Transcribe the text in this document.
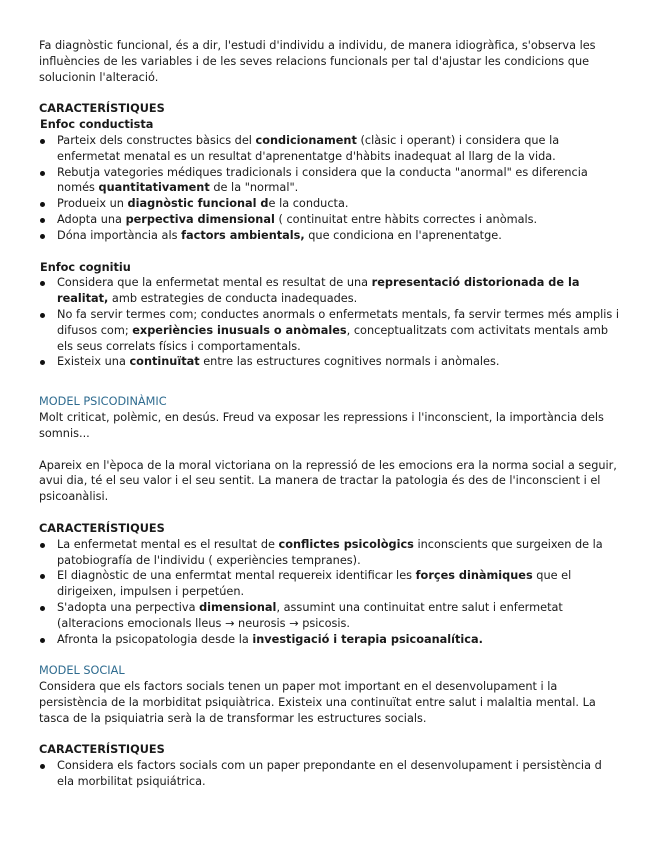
Fa diagnòstic funcional, és a dir, l'estudi d'individu a individu, de manera idiogràfica, s'observa les influències de les variables i de les seves relacions funcionals per tal d'ajustar les condicions que solucionin l'alteració.

CARACTERÍSTIQUES

Enfoc conductista

Parteix dels constructes bàsics del condicionament (clàsic i operant) i considera que la enfermetat menatal es un resultat d'aprenentatge d'hàbits inadequat al llarg de la vida.
Rebutja vategories médiques tradicionals i considera que la conducta "anormal" es diferencia només quantitativament de la "normal".
Produeix un diagnòstic funcional de la conducta.
Adopta una perpectiva dimensional ( continuitat entre hàbits correctes i anòmals.
Dóna importància als factors ambientals, que condiciona en l'aprenentatge.

Enfoc cognitiu

Considera que la enfermetat mental es resultat de una representació distorionada de la realitat, amb estrategies de conducta inadequades.
No fa servir termes com; conductes anormals o enfermetats mentals, fa servir termes més amplis i difusos com; experiències inusuals o anòmales, conceptualitzats com activitats mentals amb els seus correlats físics i comportamentals.
Existeix una continuïtat entre las estructures cognitives normals i anòmales.

MODEL PSICODINÀMIC

Molt criticat, polèmic, en desús. Freud va exposar les repressions i l'inconscient, la importància dels somnis...

Apareix en l'època de la moral victoriana on la repressió de les emocions era la norma social a seguir, avui dia, té el seu valor i el seu sentit. La manera de tractar la patologia és des de l'inconscient i el psicoanàlisi.

CARACTERÍSTIQUES

La enfermetat mental es el resultat de conflictes psicològics inconscients que surgeixen de la patobiografía de l'individu ( experiències tempranes).
El diagnòstic de una enfermtat mental requereix identificar les forçes dinàmiques que el dirigeixen, impulsen i perpetúen.
S'adopta una perpectiva dimensional, assumint una continuitat entre salut i enfermetat (alteracions emocionals lleus → neurosis → psicosis.
Afronta la psicopatologia desde la investigació i terapia psicoanalítica.

MODEL SOCIAL

Considera que els factors socials tenen un paper mot important en el desenvolupament i la persistència de la morbiditat psiquiàtrica. Existeix una continuïtat entre salut i malaltia mental. La tasca de la psiquiatria serà la de transformar les estructures socials.

CARACTERÍSTIQUES

Considera els factors socials com un paper prepondante en el desenvolupament i persistència d ela morbilitat psiquiátrica.
